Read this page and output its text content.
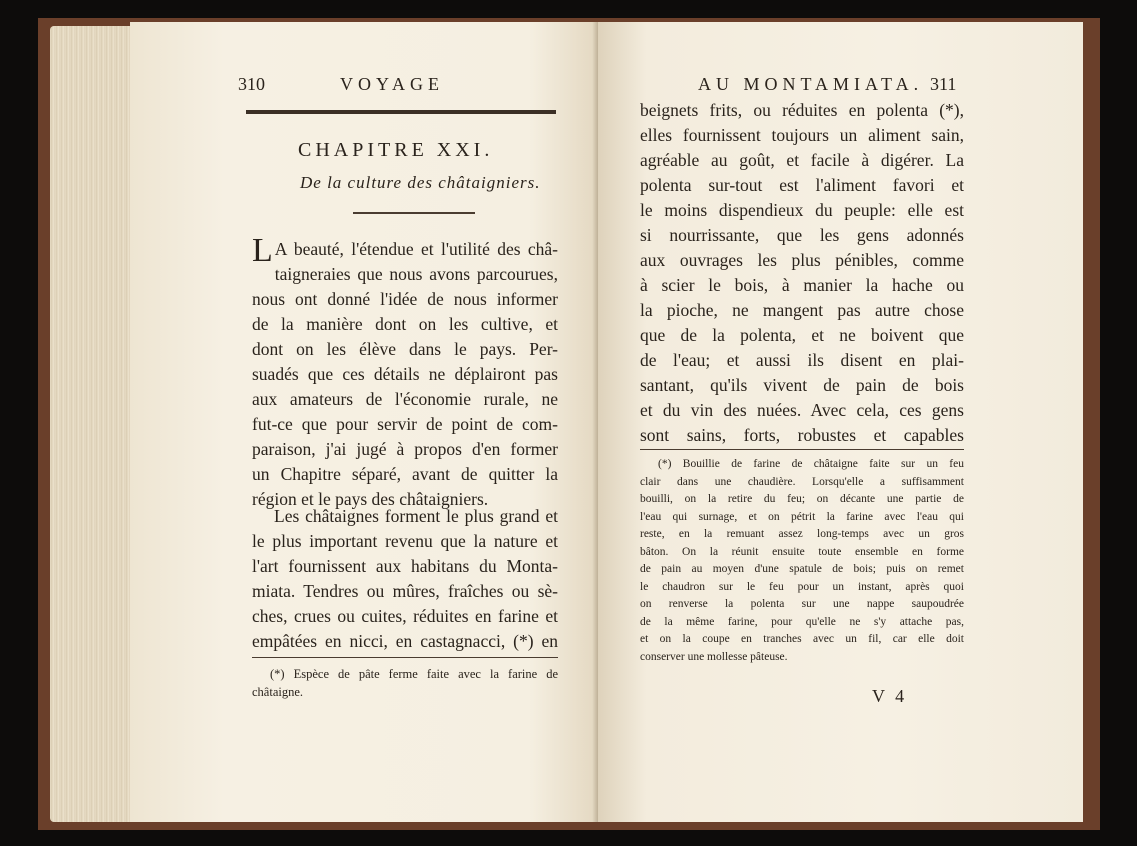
310	VOYAGE
CHAPITRE XXI.
De la culture des châtaigniers.
L A beauté, l'étendue et l'utilité des châ-
taigneraies que nous avons parcourues,
nous ont donné l'idée de nous informer
de la manière dont on les cultive, et
dont on les élève dans le pays. Per-
suadés que ces détails ne déplairont pas
aux amateurs de l'économie rurale, ne
fut-ce que pour servir de point de com-
paraison, j'ai jugé à propos d'en former
un Chapitre séparé, avant de quitter la
région et le pays des châtaigniers.
Les châtaignes forment le plus grand et
le plus important revenu que la nature et
l'art fournissent aux habitans du Monta-
miata. Tendres ou mûres, fraîches ou sè-
ches, crues ou cuites, réduites en farine et
empâtées en nicci, en castagnacci, (*) en
(*) Espèce de pâte ferme faite avec la farine de
châtaigne.
AU MONTAMIATA. 311
beignets frits, ou réduites en polenta (*),
elles fournissent toujours un aliment sain,
agréable au goût, et facile à digérer. La
polenta sur-tout est l'aliment favori et
le moins dispendieux du peuple: elle est
si nourrissante, que les gens adonnés
aux ouvrages les plus pénibles, comme
à scier le bois, à manier la hache ou
la pioche, ne mangent pas autre chose
que de la polenta, et ne boivent que
de l'eau; et aussi ils disent en plai-
santant, qu'ils vivent de pain de bois
et du vin des nuées. Avec cela, ces gens
sont sains, forts, robustes et capables
(*) Bouillie de farine de châtaigne faite sur un feu
clair dans une chaudière. Lorsqu'elle a suffisamment
bouilli, on la retire du feu; on décante une partie de
l'eau qui surnage, et on pétrit la farine avec l'eau qui
reste, en la remuant assez long-temps avec un gros
bâton. On la réunit ensuite toute ensemble en forme
de pain au moyen d'une spatule de bois; puis on remet
le chaudron sur le feu pour un instant, après quoi
on renverse la polenta sur une nappe saupoudrée
de la même farine, pour qu'elle ne s'y attache pas,
et on la coupe en tranches avec un fil, car elle doit
conserver une mollesse pâteuse.
V 4
